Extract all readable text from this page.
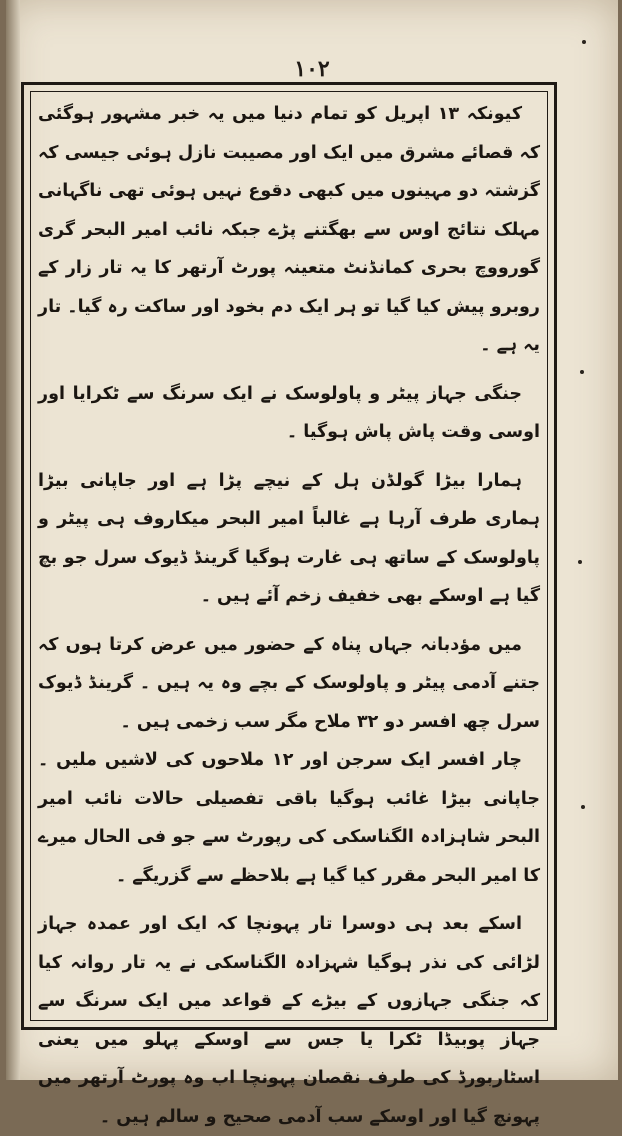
۱۰۲

کیونکہ ۱۳ اپریل کو تمام دنیا میں یہ خبر مشہور ہوگئی کہ قصائے مشرق میں ایک اور مصیبت نازل ہوئی جیسی کہ گزشتہ دو مہینوں میں کبھی دقوع نہیں ہوئی تھی ناگہانی مہلک نتائج اوس سے بھگتنے پڑے جبکہ نائب امیر البحر گری گورووچ بحری کمانڈنٹ متعینہ پورٹ آرتھر کا یہ تار زار کے روبرو پیش کیا گیا تو ہر ایک دم بخود اور ساکت رہ گیا۔ تار یہ ہے ۔

جنگی جہاز پیٹر و پاولوسک نے ایک سرنگ سے ٹکرایا اور اوسی وقت پاش پاش ہوگیا ۔

ہمارا بیڑا گولڈن ہل کے نیچے پڑا ہے اور جاپانی بیڑا ہماری طرف آرہا ہے غالباً امیر البحر میکاروف ہی پیٹر و پاولوسک کے ساتھ ہی غارت ہوگیا گرینڈ ڈیوک سرل جو بچ گیا ہے اوسکے بھی خفیف زخم آئے ہیں ۔

میں مؤدبانہ جہاں پناہ کے حضور میں عرض کرتا ہوں کہ جتنے آدمی پیٹر و پاولوسک کے بچے وہ یہ ہیں ۔ گرینڈ ڈیوک سرل چھ افسر دو ۳۲ ملاح مگر سب زخمی ہیں ۔

چار افسر ایک سرجن اور ۱۲ ملاحوں کی لاشیں ملیں ۔ جاپانی بیڑا غائب ہوگیا باقی تفصیلی حالات نائب امیر البحر شاہزادہ الگناسکی کی رپورٹ سے جو فی الحال میرے کا امیر البحر مقرر کیا گیا ہے بلاحظے سے گزریگے ۔

اسکے بعد ہی دوسرا تار پہونچا کہ ایک اور عمدہ جہاز لڑائی کی نذر ہوگیا شہزادہ الگناسکی نے یہ تار روانہ کیا کہ جنگی جہازوں کے بیڑے کے قواعد میں ایک سرنگ سے جہاز پوبیڈا ٹکرا یا جس سے اوسکے پہلو میں یعنی اسٹاربورڈ کی طرف نقصان پہونچا اب وہ پورٹ آرتھر میں پہونچ گیا اور اوسکے سب آدمی صحیح و سالم ہیں ۔
